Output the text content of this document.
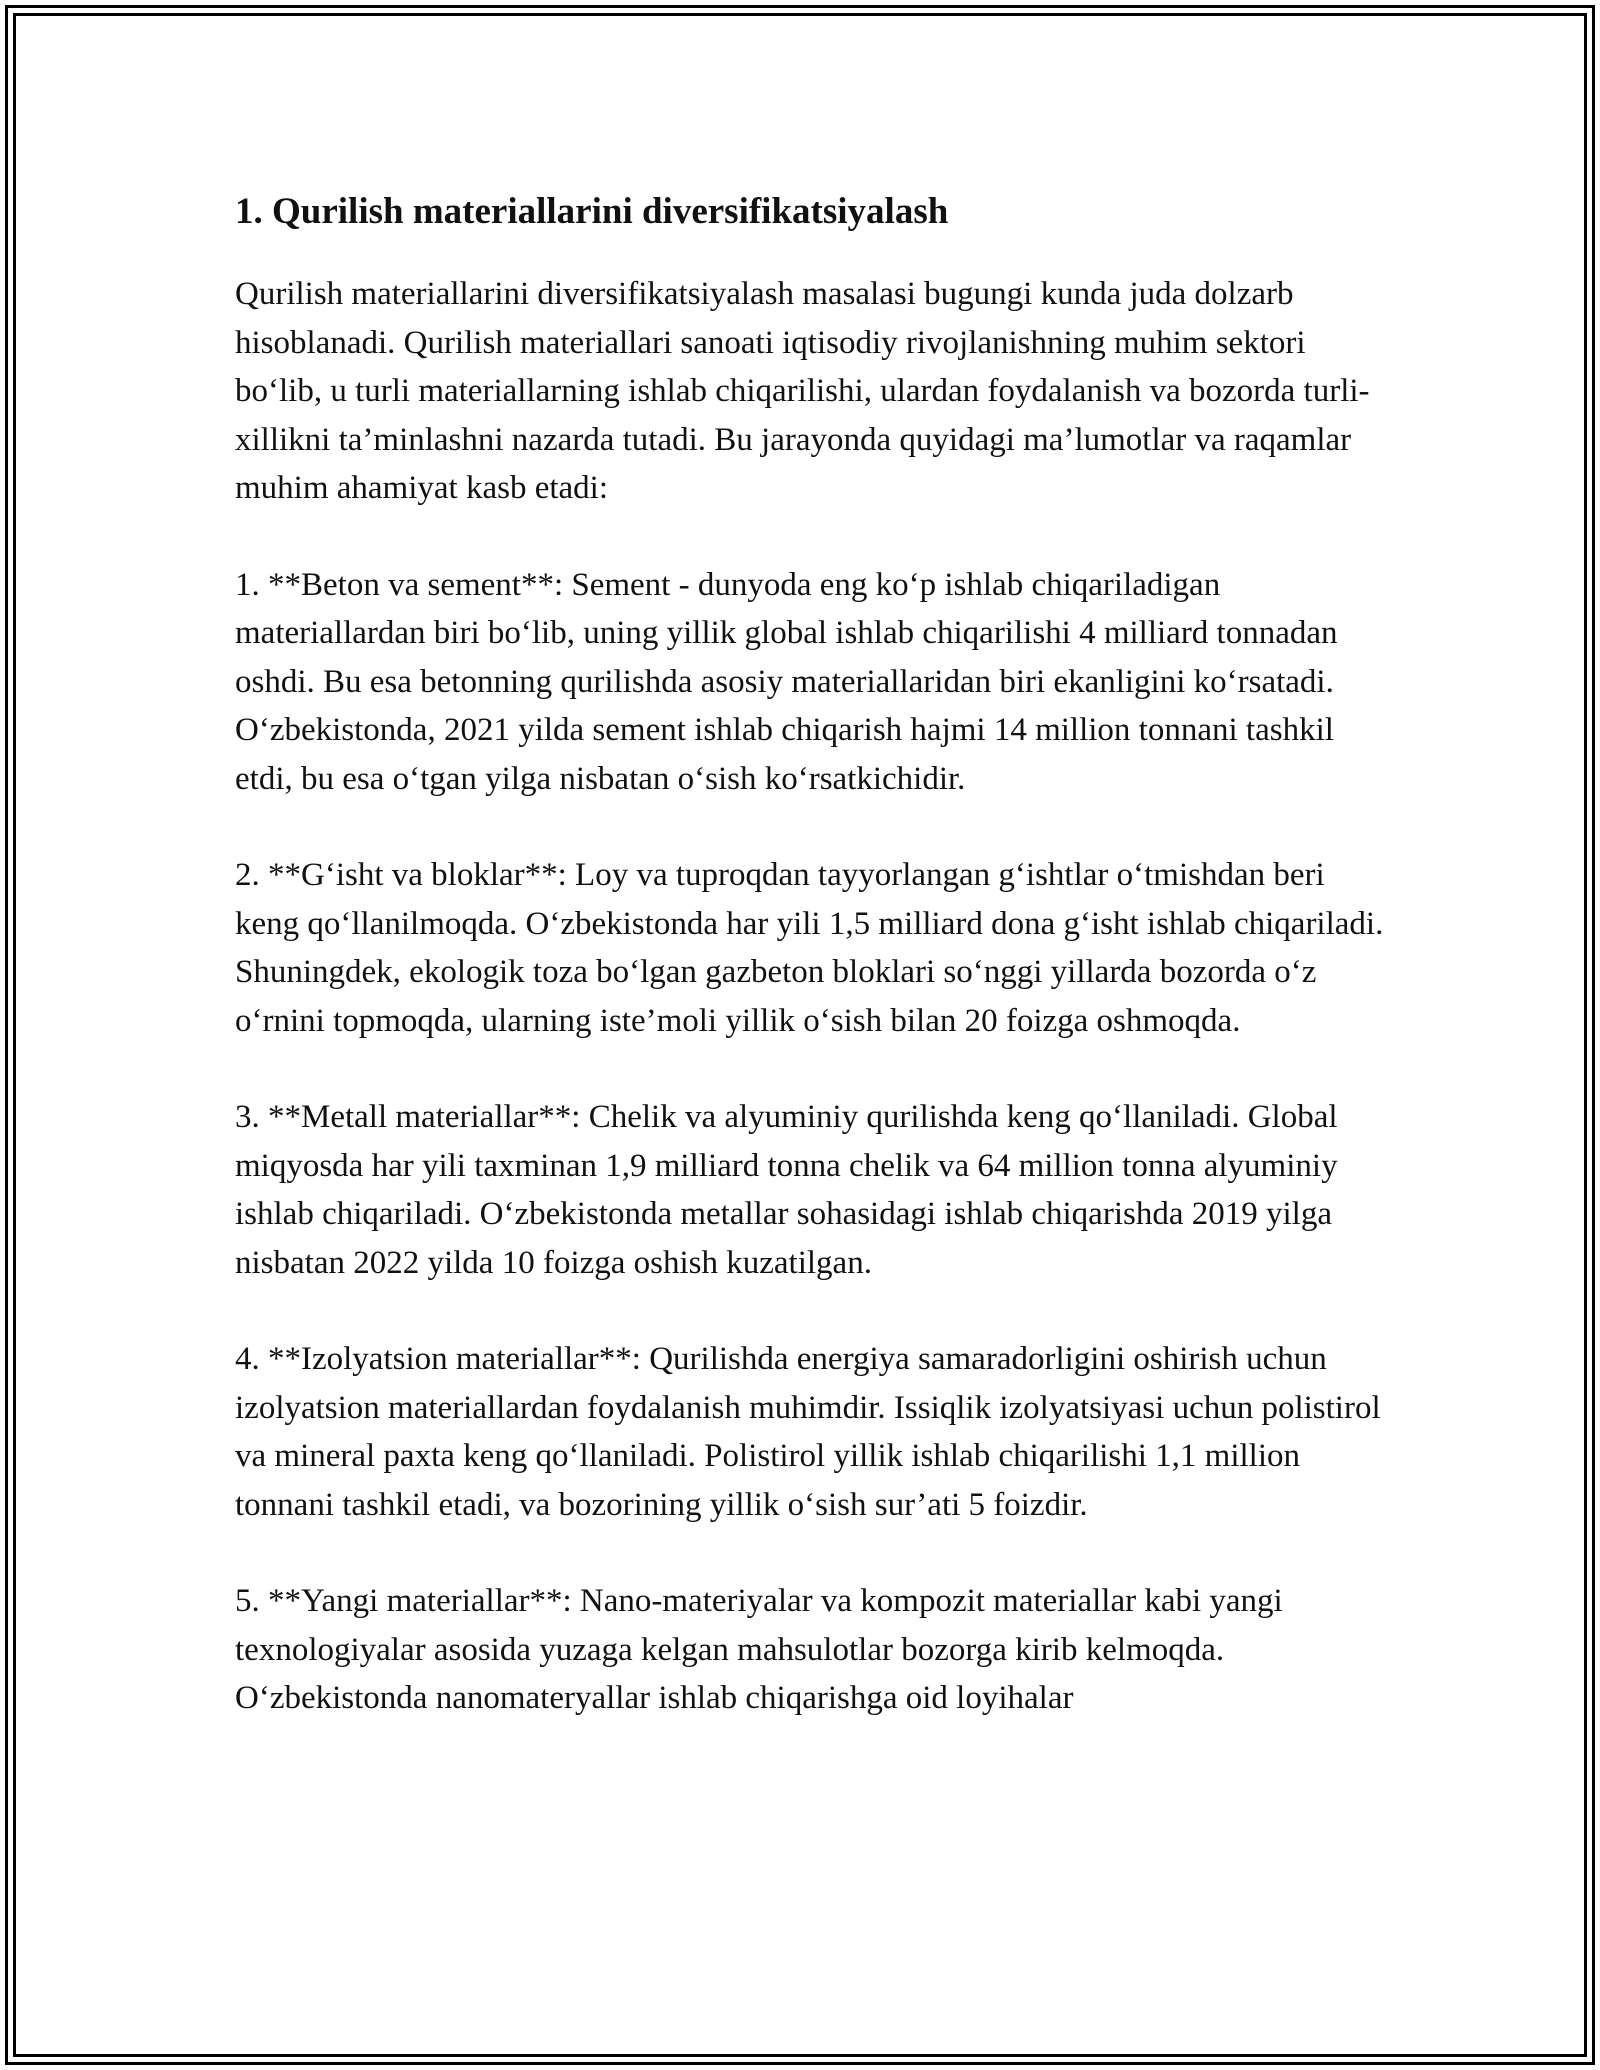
1. Qurilish materiallarini diversifikatsiyalash

Qurilish materiallarini diversifikatsiyalash masalasi bugungi kunda juda dolzarb hisoblanadi. Qurilish materiallari sanoati iqtisodiy rivojlanishning muhim sektori bo‘lib, u turli materiallarning ishlab chiqarilishi, ulardan foydalanish va bozorda turli-xillikni ta’minlashni nazarda tutadi. Bu jarayonda quyidagi ma’lumotlar va raqamlar muhim ahamiyat kasb etadi:

1. **Beton va sement**: Sement - dunyoda eng ko‘p ishlab chiqariladigan materiallardan biri bo‘lib, uning yillik global ishlab chiqarilishi 4 milliard tonnadan oshdi. Bu esa betonning qurilishda asosiy materiallaridan biri ekanligini ko‘rsatadi. O‘zbekistonda, 2021 yilda sement ishlab chiqarish hajmi 14 million tonnani tashkil etdi, bu esa o‘tgan yilga nisbatan o‘sish ko‘rsatkichidir.

2. **G‘isht va bloklar**: Loy va tuproqdan tayyorlangan g‘ishtlar o‘tmishdan beri keng qo‘llanilmoqda. O‘zbekistonda har yili 1,5 milliard dona g‘isht ishlab chiqariladi. Shuningdek, ekologik toza bo‘lgan gazbeton bloklari so‘nggi yillarda bozorda o‘z o‘rnini topmoqda, ularning iste’moli yillik o‘sish bilan 20 foizga oshmoqda.

3. **Metall materiallar**: Chelik va alyuminiy qurilishda keng qo‘llaniladi. Global miqyosda har yili taxminan 1,9 milliard tonna chelik va 64 million tonna alyuminiy ishlab chiqariladi. O‘zbekistonda metallar sohasidagi ishlab chiqarishda 2019 yilga nisbatan 2022 yilda 10 foizga oshish kuzatilgan.

4. **Izolyatsion materiallar**: Qurilishda energiya samaradorligini oshirish uchun izolyatsion materiallardan foydalanish muhimdir. Issiqlik izolyatsiyasi uchun polistirol va mineral paxta keng qo‘llaniladi. Polistirol yillik ishlab chiqarilishi 1,1 million tonnani tashkil etadi, va bozorining yillik o‘sish sur’ati 5 foizdir.

5. **Yangi materiallar**: Nano-materiyalar va kompozit materiallar kabi yangi texnologiyalar asosida yuzaga kelgan mahsulotlar bozorga kirib kelmoqda. O‘zbekistonda nanomateryallar ishlab chiqarishga oid loyihalar
